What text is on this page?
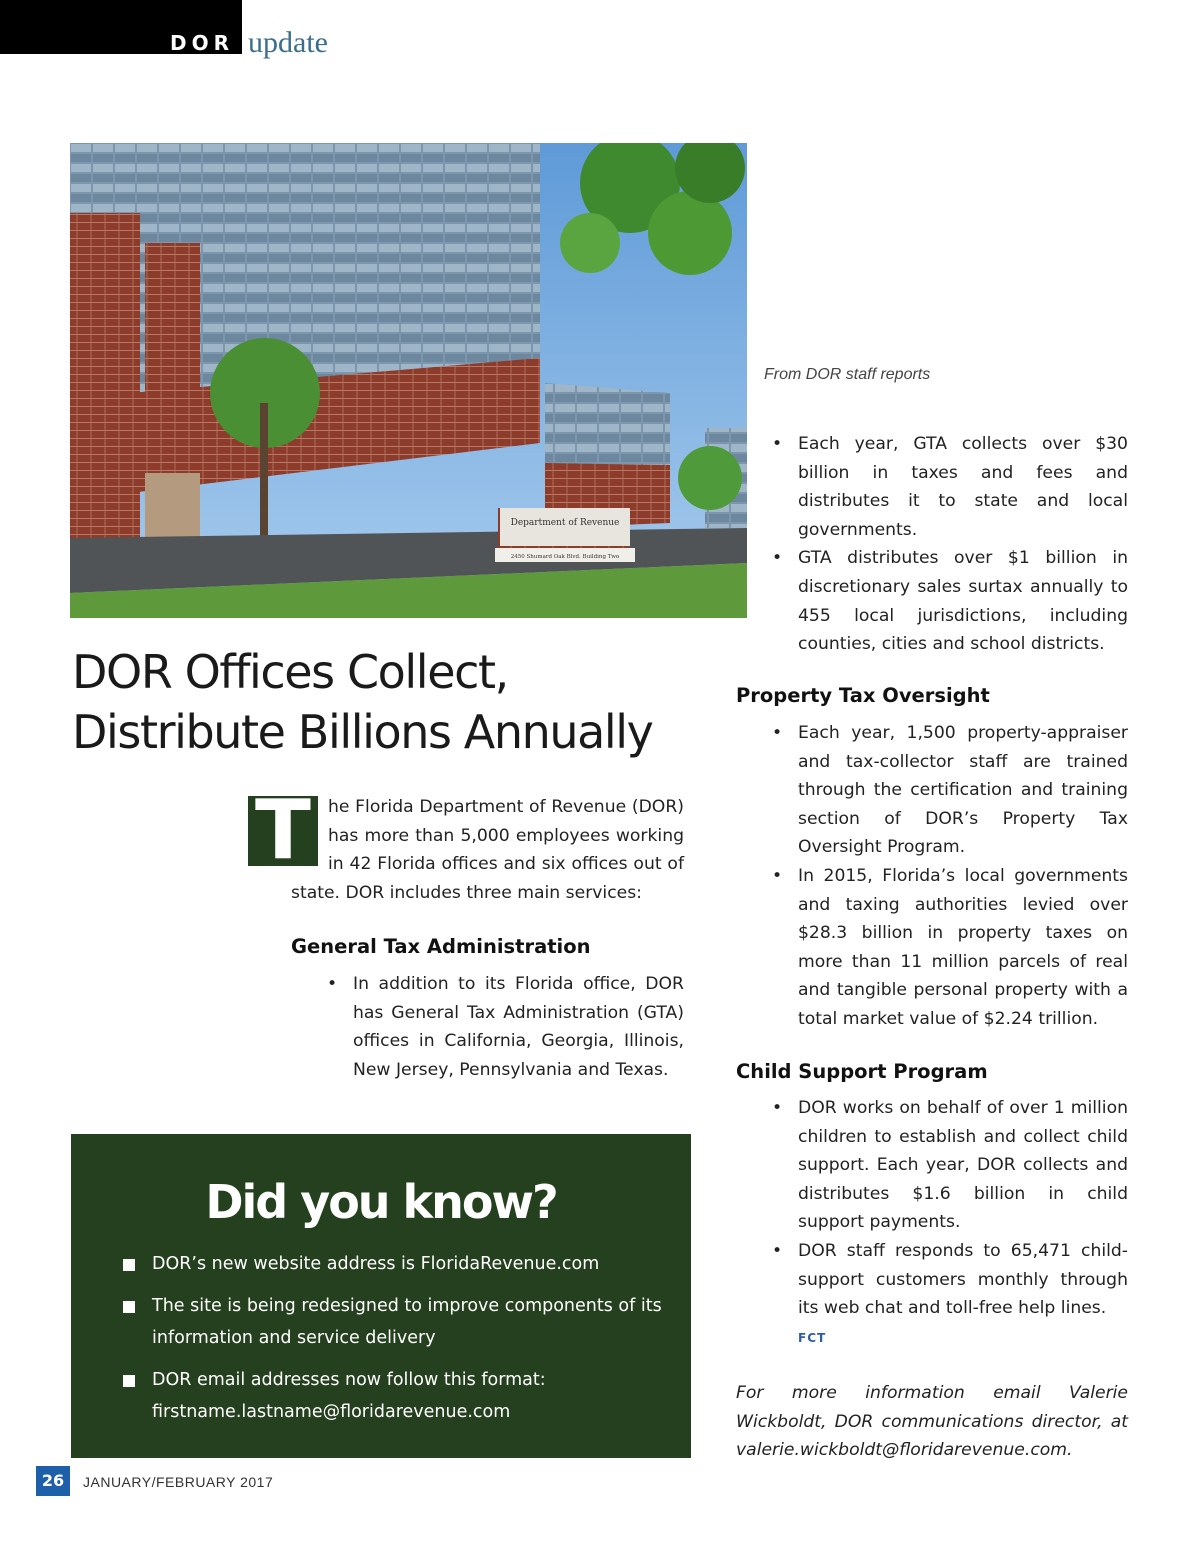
DOR update
Department of Revenue
2450 Shumard Oak Blvd. Building Two
DOR Offices Collect, Distribute Billions Annually
T he Florida Department of Revenue (DOR) has more than 5,000 employees working in 42 Florida offices and six offices out of state. DOR includes three main services:

General Tax Administration
• In addition to its Florida office, DOR has General Tax Administration (GTA) offices in California, Georgia, Illinois, New Jersey, Pennsylvania and Texas.
Did you know?
DOR’s new website address is FloridaRevenue.com
The site is being redesigned to improve components of its information and service delivery
DOR email addresses now follow this format: firstname.lastname@floridarevenue.com
From DOR staff reports
• Each year, GTA collects over $30 billion in taxes and fees and distributes it to state and local governments.
• GTA distributes over $1 billion in discretionary sales surtax annually to 455 local jurisdictions, including counties, cities and school districts.
Property Tax Oversight
• Each year, 1,500 property-appraiser and tax-collector staff are trained through the certification and training section of DOR’s Property Tax Oversight Program.
• In 2015, Florida’s local governments and taxing authorities levied over $28.3 billion in property taxes on more than 11 million parcels of real and tangible personal property with a total market value of $2.24 trillion.
Child Support Program
• DOR works on behalf of over 1 million children to establish and collect child support. Each year, DOR collects and distributes $1.6 billion in child support payments.
• DOR staff responds to 65,471 child-support customers monthly through its web chat and toll-free help lines.
FCT
For more information email Valerie Wickboldt, DOR communications director, at valerie.wickboldt@floridarevenue.com.
26	JANUARY/FEBRUARY 2017
